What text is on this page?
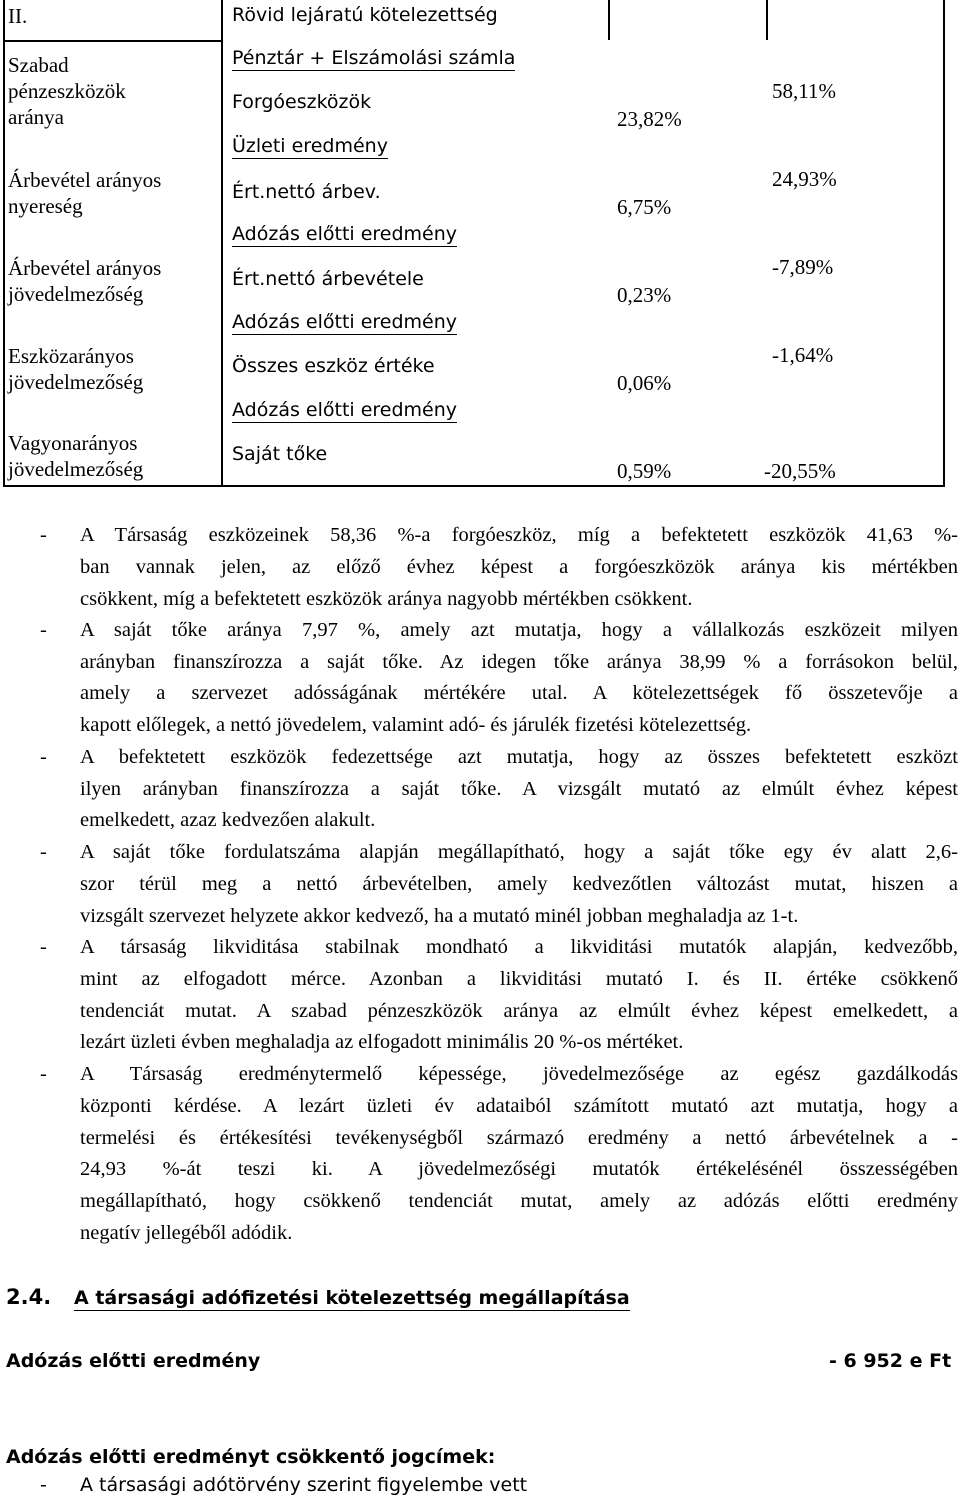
II.	Rövid lejáratú kötelezettség
Szabad
pénzeszközök
aránya
Árbevétel arányos
nyereség
Árbevétel arányos
jövedelmezőség
Eszközarányos
jövedelmezőség
Vagyonarányos
jövedelmezőség
Pénztár + Elszámolási számla
Forgóeszközök
Üzleti eredmény
Ért.nettó árbev.
Adózás előtti eredmény
Ért.nettó árbevétele
Adózás előtti eredmény
Összes eszköz értéke
Adózás előtti eredmény
Saját tőke
23,82%
6,75%
0,23%
0,06%
0,59%
58,11%
24,93%
-7,89%
-1,64%
-20,55%
- A Társaság eszközeinek 58,36 %-a forgóeszköz, míg a befektetett eszközök 41,63 %-
ban vannak jelen, az előző évhez képest a forgóeszközök aránya kis mértékben
csökkent, míg a befektetett eszközök aránya nagyobb mértékben csökkent.
- A saját tőke aránya 7,97 %, amely azt mutatja, hogy a vállalkozás eszközeit milyen
arányban finanszírozza a saját tőke. Az idegen tőke aránya 38,99 % a forrásokon belül,
amely a szervezet adósságának mértékére utal. A kötelezettségek fő összetevője a
kapott előlegek, a nettó jövedelem, valamint adó- és járulék fizetési kötelezettség.
- A befektetett eszközök fedezettsége azt mutatja, hogy az összes befektetett eszközt
ilyen arányban finanszírozza a saját tőke. A vizsgált mutató az elmúlt évhez képest
emelkedett, azaz kedvezően alakult.
- A saját tőke fordulatszáma alapján megállapítható, hogy a saját tőke egy év alatt 2,6-
szor térül meg a nettó árbevételben, amely kedvezőtlen változást mutat, hiszen a
vizsgált szervezet helyzete akkor kedvező, ha a mutató minél jobban meghaladja az 1-t.
- A társaság likviditása stabilnak mondható a likviditási mutatók alapján, kedvezőbb,
mint az elfogadott mérce. Azonban a likviditási mutató I. és II. értéke csökkenő
tendenciát mutat. A szabad pénzeszközök aránya az elmúlt évhez képest emelkedett, a
lezárt üzleti évben meghaladja az elfogadott minimális 20 %-os mértéket.
- A Társaság eredménytermelő képessége, jövedelmezősége az egész gazdálkodás
központi kérdése. A lezárt üzleti év adataiból számított mutató azt mutatja, hogy a
termelési és értékesítési tevékenységből származó eredmény a nettó árbevételnek a -
24,93 %-át teszi ki. A jövedelmezőségi mutatók értékelésénél összességében
megállapítható, hogy csökkenő tendenciát mutat, amely az adózás előtti eredmény
negatív jellegéből adódik.
2.4. A társasági adófizetési kötelezettség megállapítása
Adózás előtti eredmény	- 6 952 e Ft
Adózás előtti eredményt csökkentő jogcímek:
- A társasági adótörvény szerint figyelembe vett
